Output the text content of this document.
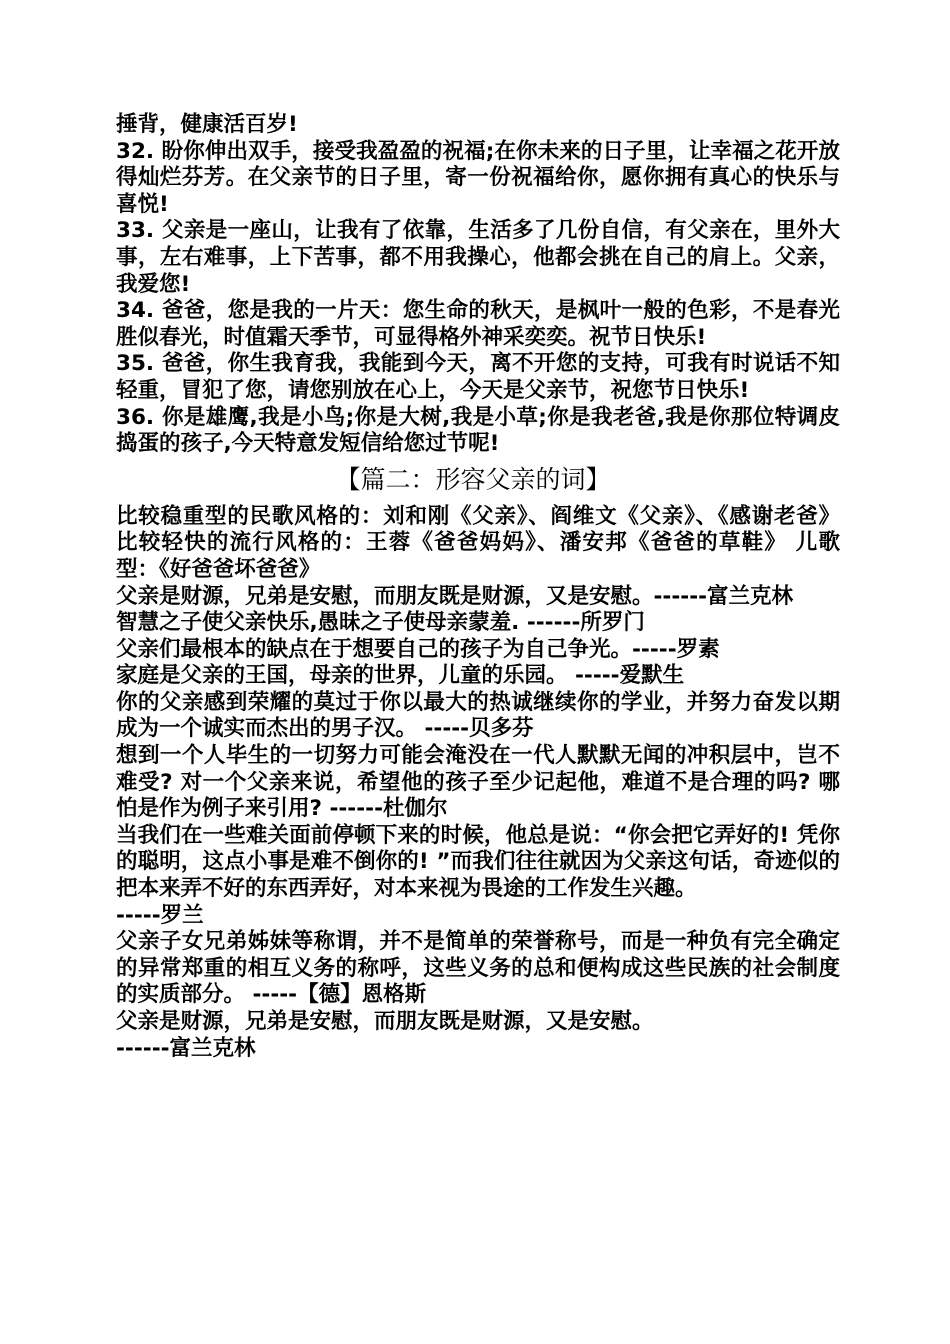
捶背，健康活百岁!

32. 盼你伸出双手，接受我盈盈的祝福;在你未来的日子里，让幸福之花开放得灿烂芬芳。在父亲节的日子里，寄一份祝福给你，愿你拥有真心的快乐与喜悦!

33. 父亲是一座山，让我有了依靠，生活多了几份自信，有父亲在，里外大事，左右难事，上下苦事，都不用我操心，他都会挑在自己的肩上。父亲，我爱您!

34. 爸爸，您是我的一片天：您生命的秋天，是枫叶一般的色彩，不是春光胜似春光，时值霜天季节，可显得格外神采奕奕。祝节日快乐!

35. 爸爸，你生我育我，我能到今天，离不开您的支持，可我有时说话不知轻重，冒犯了您，请您别放在心上，今天是父亲节，祝您节日快乐!

36. 你是雄鹰,我是小鸟;你是大树,我是小草;你是我老爸,我是你那位特调皮捣蛋的孩子,今天特意发短信给您过节呢!

【篇二：形容父亲的词】

比较稳重型的民歌风格的：刘和刚《父亲》、阎维文《父亲》、《感谢老爸》 比较轻快的流行风格的：王蓉《爸爸妈妈》、潘安邦《爸爸的草鞋》 儿歌型：《好爸爸坏爸爸》

父亲是财源，兄弟是安慰，而朋友既是财源，又是安慰。------富兰克林

智慧之子使父亲快乐,愚昧之子使母亲蒙羞. ------所罗门

父亲们最根本的缺点在于想要自己的孩子为自己争光。-----罗素

家庭是父亲的王国，母亲的世界，儿童的乐园。 -----爱默生

你的父亲感到荣耀的莫过于你以最大的热诚继续你的学业，并努力奋发以期成为一个诚实而杰出的男子汉。 -----贝多芬

想到一个人毕生的一切努力可能会淹没在一代人默默无闻的冲积层中，岂不难受? 对一个父亲来说，希望他的孩子至少记起他，难道不是合理的吗? 哪怕是作为例子来引用? ------杜伽尔

当我们在一些难关面前停顿下来的时候，他总是说：“你会把它弄好的! 凭你的聪明，这点小事是难不倒你的! ”而我们往往就因为父亲这句话，奇迹似的把本来弄不好的东西弄好，对本来视为畏途的工作发生兴趣。

-----罗兰

父亲子女兄弟姊妹等称谓，并不是简单的荣誉称号，而是一种负有完全确定的异常郑重的相互义务的称呼，这些义务的总和便构成这些民族的社会制度的实质部分。 -----【德】恩格斯

父亲是财源，兄弟是安慰，而朋友既是财源，又是安慰。

------富兰克林
